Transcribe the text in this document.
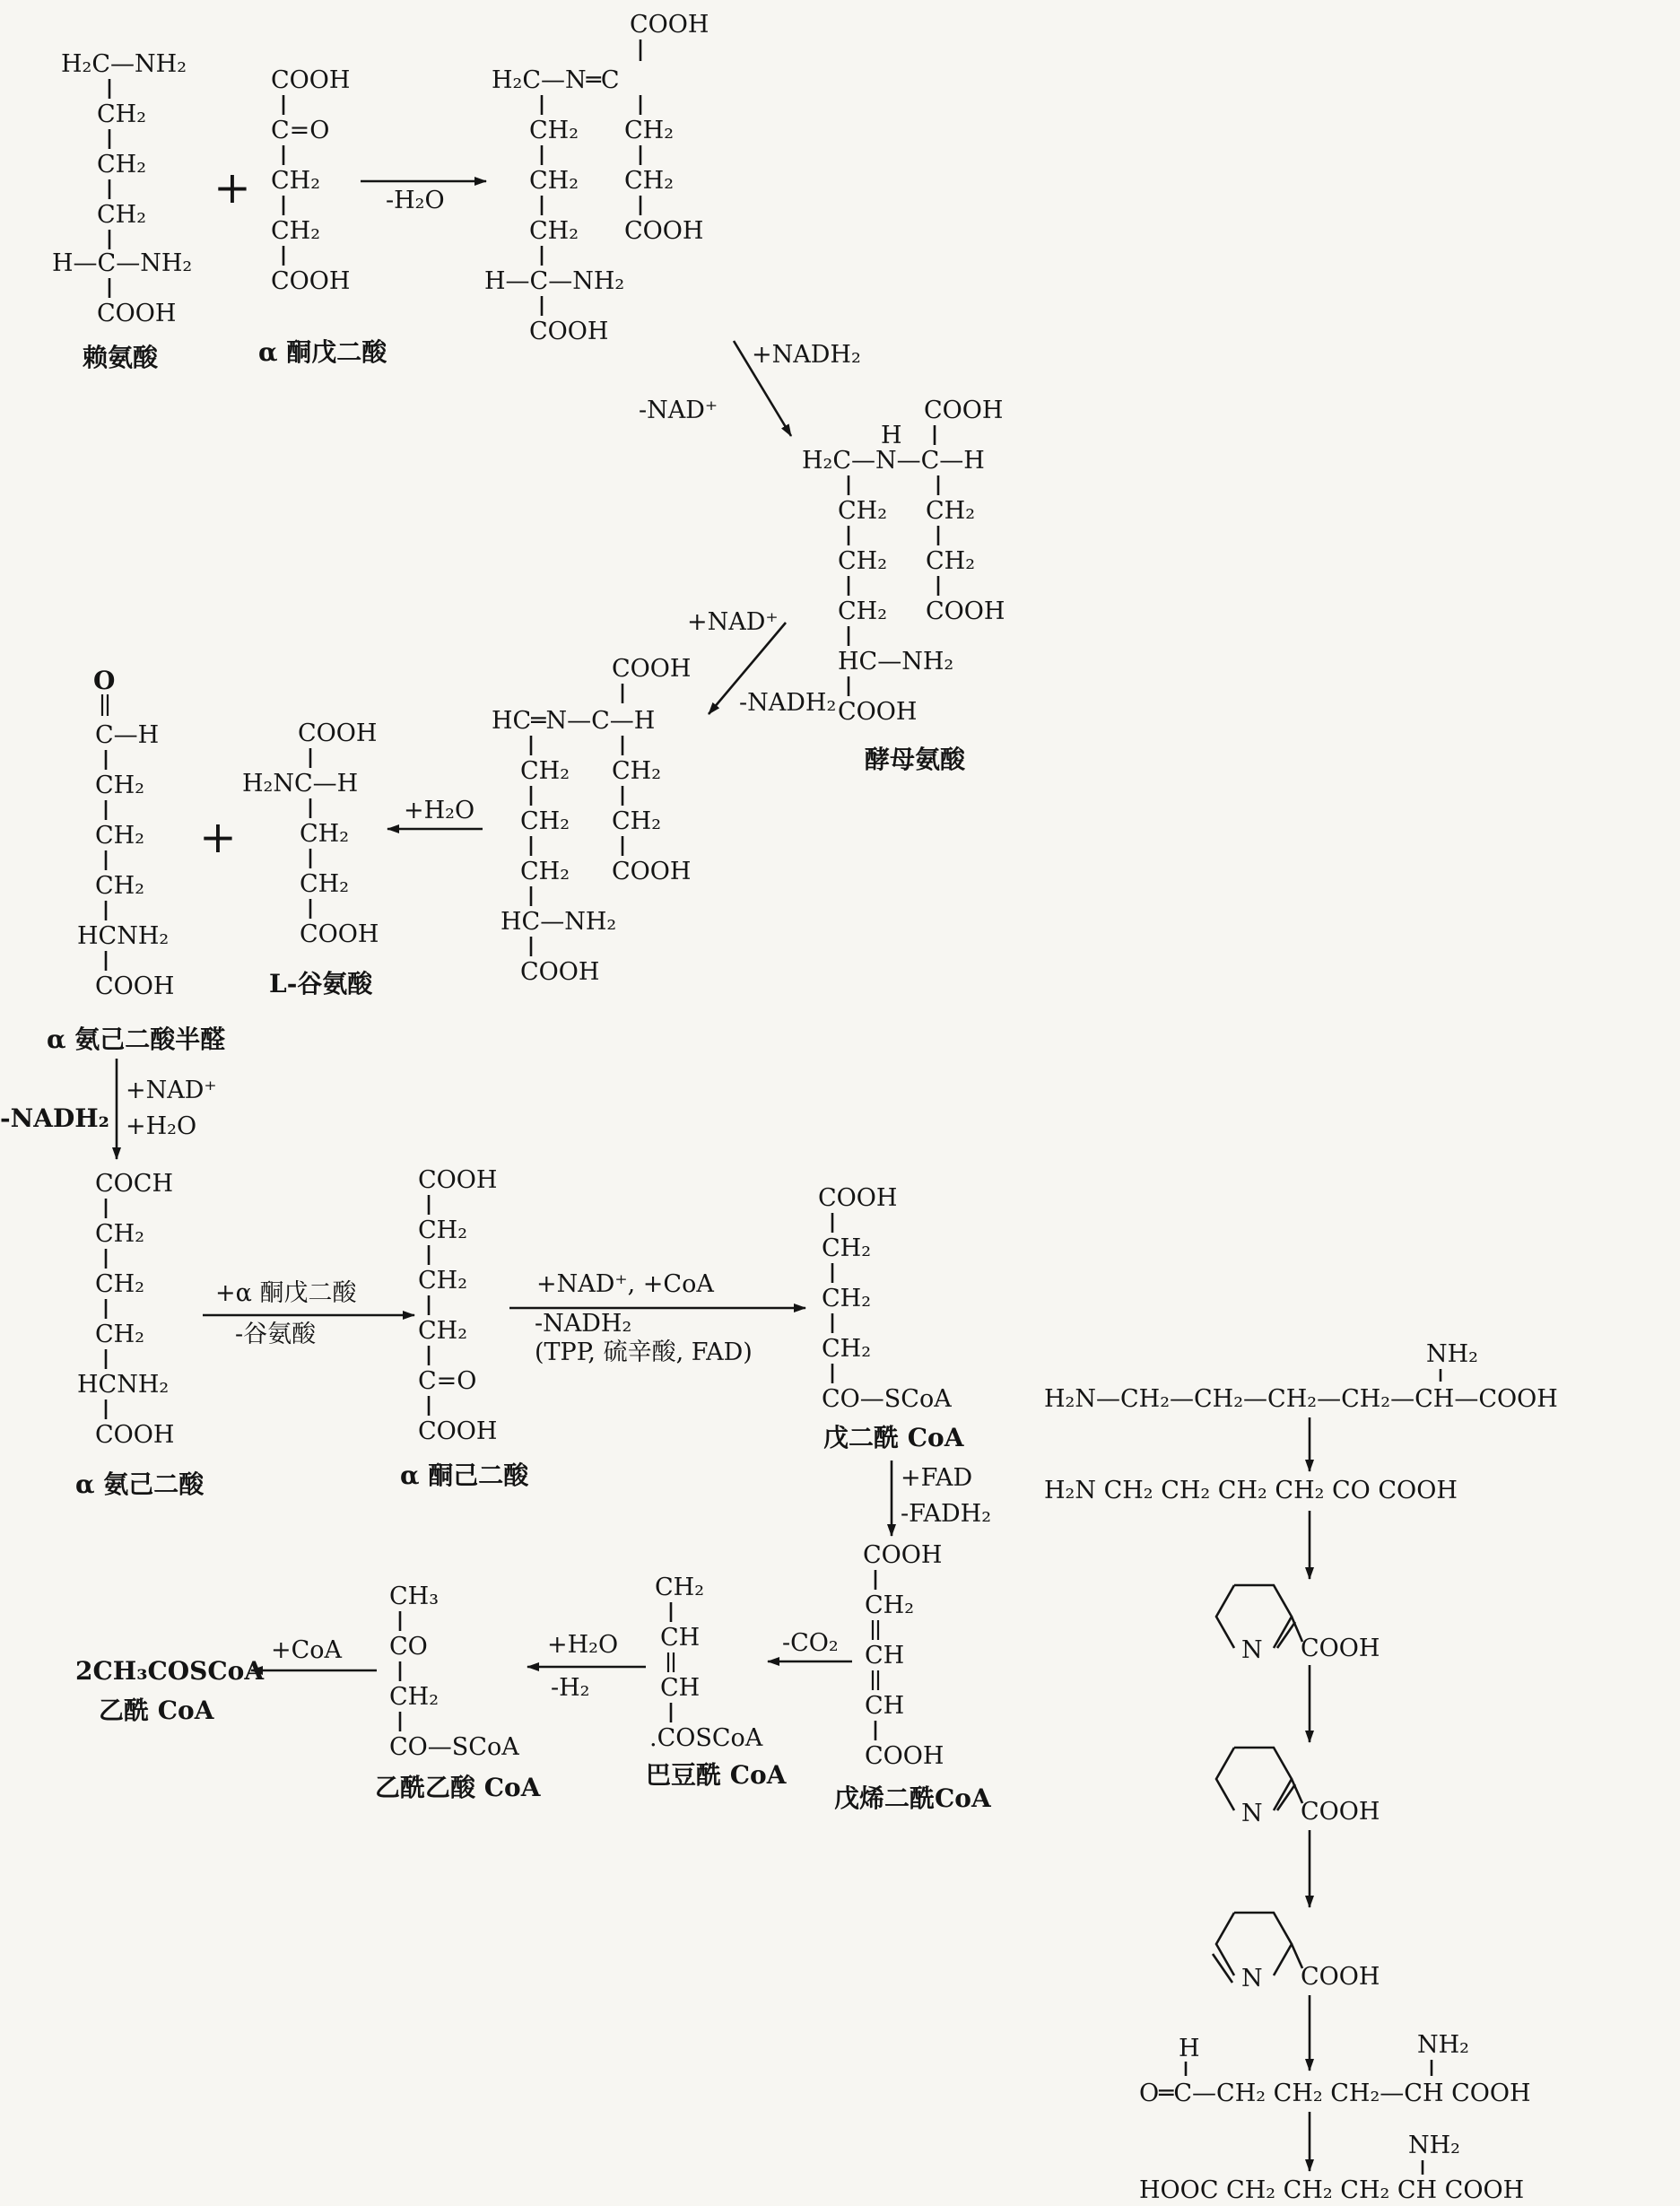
H₂C—NH₂
CH₂
CH₂
CH₂
H—C—NH₂
COOH
赖氨酸
+
COOH
C=O
CH₂
CH₂
COOH
α 酮戊二酸
-H₂O
COOH
H₂C—N═C
CH₂ CH₂
CH₂ CH₂
CH₂ COOH
H—C—NH₂
COOH
+NADH₂
-NAD⁺	COOH
H
H₂C—N—C—H
CH₂ CH₂
CH₂ CH₂
CH₂ COOH
HC—NH₂
COOH
酵母氨酸
+NAD⁺
-NADH₂
COOH
HC═N—C—H
CH₂ CH₂
CH₂ CH₂
CH₂ COOH
HC—NH₂
COOH
+H₂O
COOH
H₂NC—H
CH₂
CH₂
COOH
L-谷氨酸
+
O
C—H
CH₂
CH₂
CH₂
HCNH₂
COOH
α 氨己二酸半醛
+NAD⁺
+H₂O
-NADH₂
COCH
CH₂
CH₂
CH₂
HCNH₂
COOH
α 氨己二酸
+α 酮戊二酸
-谷氨酸
COOH
CH₂
CH₂
CH₂
C=O
COOH
α 酮己二酸
+NAD⁺, +CoA
-NADH₂
(TPP, 硫辛酸, FAD)
COOH
CH₂
CH₂
CH₂
CO—SCoA
戊二酰 CoA
+FAD
-FADH₂
COOH
CH₂
CH
CH
COOH
戊烯二酰CoA
-CO₂
CH₂
CH
CH
.COSCoA
巴豆酰 CoA
+H₂O
-H₂
CH₃
CO
CH₂
CO—SCoA
乙酰乙酸 CoA
+CoA
2CH₃COSCoA
乙酰 CoA
NH₂
H₂N—CH₂—CH₂—CH₂—CH₂—CH—COOH
H₂N CH₂ CH₂ CH₂ CH₂ CO COOH
N COOH
N COOH
N COOH
H	NH₂
O═C—CH₂ CH₂ CH₂—CH COOH
NH₂
HOOC CH₂ CH₂ CH₂ CH COOH
